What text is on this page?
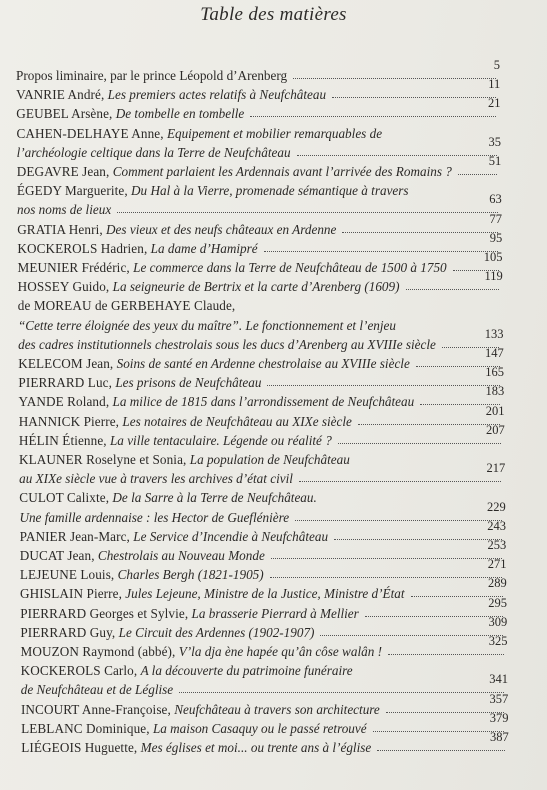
Table des matières
Propos liminaire, par le prince Léopold d’Arenberg
5
VANRIE André, Les premiers actes relatifs à Neufchâteau
11
GEUBEL Arsène, De tombelle en tombelle
21
CAHEN-DELHAYE Anne, Equipement et mobilier remarquables de
l’archéologie celtique dans la Terre de Neufchâteau
35
DEGAVRE Jean, Comment parlaient les Ardennais avant l’arrivée des Romains ?
51
ÉGEDY Marguerite, Du Hal à la Vierre, promenade sémantique à travers
nos noms de lieux
63
GRATIA Henri, Des vieux et des neufs châteaux en Ardenne
77
KOCKEROLS Hadrien, La dame d’Hamipré
95
MEUNIER Frédéric, Le commerce dans la Terre de Neufchâteau de 1500 à 1750
105
HOSSEY Guido, La seigneurie de Bertrix et la carte d’Arenberg (1609)
119
de MOREAU de GERBEHAYE Claude,
“Cette terre éloignée des yeux du maître”. Le fonctionnement et l’enjeu
des cadres institutionnels chestrolais sous les ducs d’Arenberg au XVIIIe siècle
133
KELECOM Jean, Soins de santé en Ardenne chestrolaise au XVIIIe siècle
147
PIERRARD Luc, Les prisons de Neufchâteau
165
YANDE Roland, La milice de 1815 dans l’arrondissement de Neufchâteau
183
HANNICK Pierre, Les notaires de Neufchâteau au XIXe siècle
201
HÉLIN Étienne, La ville tentaculaire. Légende ou réalité ?
207
KLAUNER Roselyne et Sonia, La population de Neufchâteau
au XIXe siècle vue à travers les archives d’état civil
217
CULOT Calixte, De la Sarre à la Terre de Neufchâteau.
Une famille ardennaise : les Hector de Gueflénière
229
PANIER Jean-Marc, Le Service d’Incendie à Neufchâteau
243
DUCAT Jean, Chestrolais au Nouveau Monde
253
LEJEUNE Louis, Charles Bergh (1821-1905)
271
GHISLAIN Pierre, Jules Lejeune, Ministre de la Justice, Ministre d’État
289
PIERRARD Georges et Sylvie, La brasserie Pierrard à Mellier
295
PIERRARD Guy, Le Circuit des Ardennes (1902-1907)
309
MOUZON Raymond (abbé), V’la dja ène hapée qu’ân côse walân !
325
KOCKEROLS Carlo, A la découverte du patrimoine funéraire
de Neufchâteau et de Léglise
341
INCOURT Anne-Françoise, Neufchâteau à travers son architecture
357
LEBLANC Dominique, La maison Casaquy ou le passé retrouvé
379
LIÉGEOIS Huguette, Mes églises et moi... ou trente ans à l’église
387
